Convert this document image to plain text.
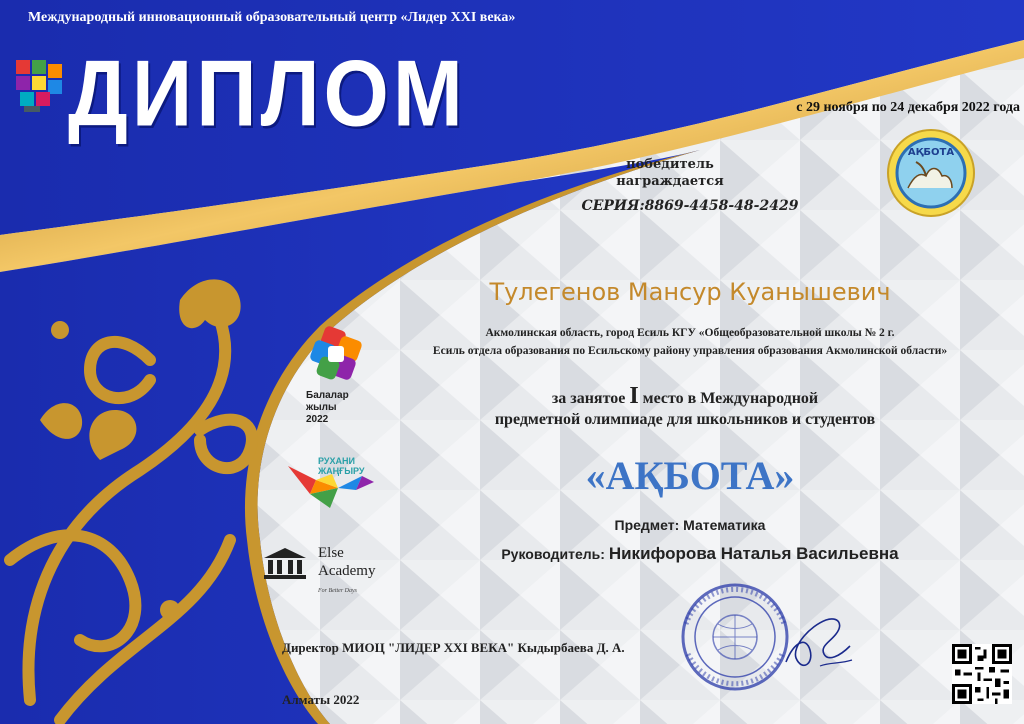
Международный инновационный образовательный центр «Лидер XXI века»
ДИПЛОМ	с 29 ноября по 24 декабря 2022 года
АҚБОТА
победитель
награждается
СЕРИЯ:8869-4458-48-2429
Тулегенов Мансур Куанышевич
Акмолинская область, город Есиль КГУ «Общеобразовательной школы № 2 г.
Есиль отдела образования по Есильскому району управления образования Акмолинской области»
за занятое I место в Международной
предметной олимпиаде для школьников и студентов
«АҚБОТА»
Предмет: Математика
Руководитель: Никифорова Наталья Васильевна
Балалар
жылы
2022
РУХАНИ
ЖАҢҒЫРУ
Else
Academy
For Better Days
Директор МИОЦ "ЛИДЕР XXI ВЕКА" Кыдырбаева Д. А.
Алматы 2022
